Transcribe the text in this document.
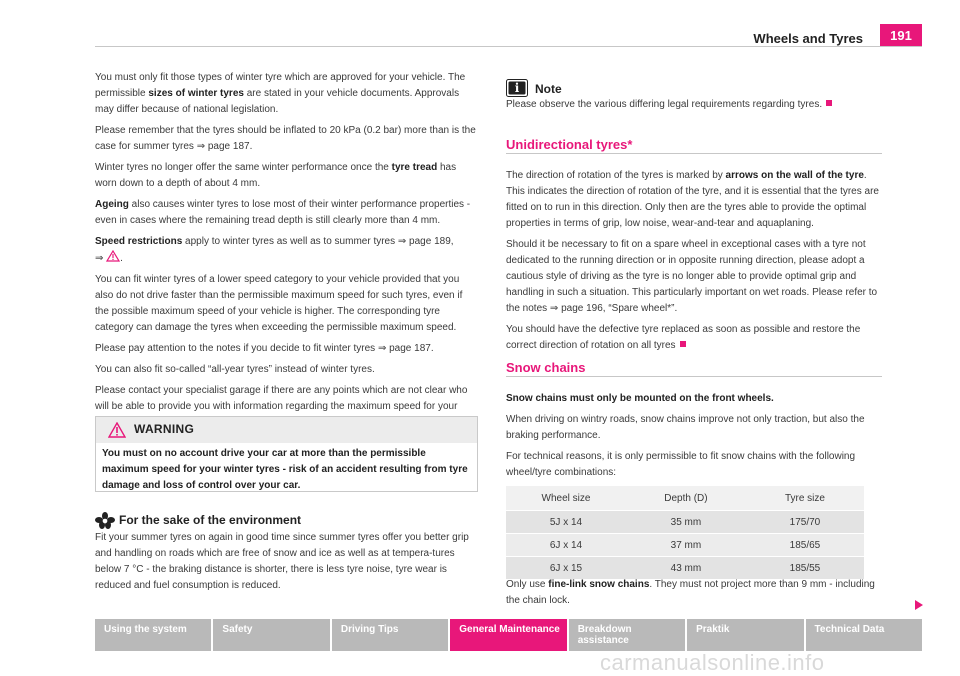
Wheels and Tyres	191

You must only fit those types of winter tyre which are approved for your vehicle. The permissible sizes of winter tyres are stated in your vehicle documents. Approvals may differ because of national legislation.

Please remember that the tyres should be inflated to 20 kPa (0.2 bar) more than is the case for summer tyres ⇒ page 187.

Winter tyres no longer offer the same winter performance once the tyre tread has worn down to a depth of about 4 mm.

Ageing also causes winter tyres to lose most of their winter performance properties - even in cases where the remaining tread depth is still clearly more than 4 mm.

Speed restrictions apply to winter tyres as well as to summer tyres ⇒ page 189,
⇒ .

You can fit winter tyres of a lower speed category to your vehicle provided that you also do not drive faster than the permissible maximum speed for such tyres, even if the possible maximum speed of your vehicle is higher. The corresponding tyre category can damage the tyres when exceeding the permissible maximum speed.

Please pay attention to the notes if you decide to fit winter tyres ⇒ page 187.

You can also fit so-called “all-year tyres” instead of winter tyres.

Please contact your specialist garage if there are any points which are not clear who will be able to provide you with information regarding the maximum speed for your

WARNING
You must on no account drive your car at more than the permissible maximum speed for your winter tyres - risk of an accident resulting from tyre damage and loss of control over your car.
For the sake of the environment
Fit your summer tyres on again in good time since summer tyres offer you better grip and handling on roads which are free of snow and ice as well as at tempera-tures below 7 °C - the braking distance is shorter, there is less tyre noise, tyre wear is reduced and fuel consumption is reduced.
i Note
Please observe the various differing legal requirements regarding tyres.
Unidirectional tyres*

The direction of rotation of the tyres is marked by arrows on the wall of the tyre. This indicates the direction of rotation of the tyre, and it is essential that the tyres are fitted on to run in this direction. Only then are the tyres able to provide the optimal properties in terms of grip, low noise, wear-and-tear and aquaplaning.

Should it be necessary to fit on a spare wheel in exceptional cases with a tyre not dedicated to the running direction or in opposite running direction, please adopt a cautious style of driving as the tyre is no longer able to provide optimal grip and handling in such a situation. This particularly important on wet roads. Please refer to the notes ⇒ page 196, “Spare wheel*”.

You should have the defective tyre replaced as soon as possible and restore the correct direction of rotation on all tyres

Snow chains

Snow chains must only be mounted on the front wheels.

When driving on wintry roads, snow chains improve not only traction, but also the braking performance.

For technical reasons, it is only permissible to fit snow chains with the following wheel/tyre combinations:

Wheel size	Depth (D)	Tyre size
5J x 14	35 mm	175/70
6J x 14	37 mm	185/65
6J x 15	43 mm	185/55

Only use fine-link snow chains. They must not project more than 9 mm - including the chain lock.

Using the system	Safety	Driving Tips	General Maintenance	Breakdown assistance
Praktik	Technical Data
carmanualsonline.info
